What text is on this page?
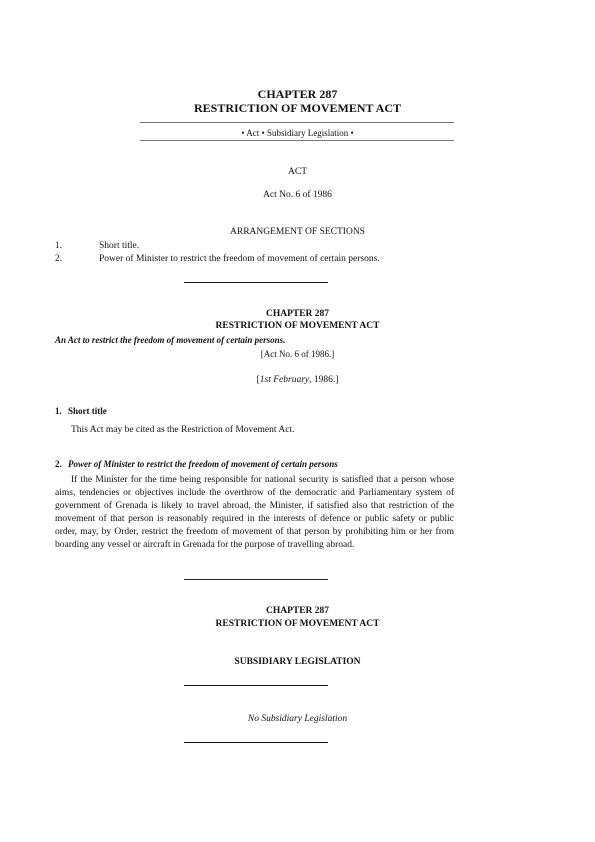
CHAPTER 287
RESTRICTION OF MOVEMENT ACT
• Act • Subsidiary Legislation •
ACT
Act No. 6 of 1986
ARRANGEMENT OF SECTIONS
1.	Short title.
2.	Power of Minister to restrict the freedom of movement of certain persons.
CHAPTER 287
RESTRICTION OF MOVEMENT ACT
An Act to restrict the freedom of movement of certain persons.
[Act No. 6 of 1986.]
[1st February, 1986.]
1. Short title
This Act may be cited as the Restriction of Movement Act.
2. Power of Minister to restrict the freedom of movement of certain persons
If the Minister for the time being responsible for national security is satisfied that a person whose aims, tendencies or objectives include the overthrow of the democratic and Parliamentary system of government of Grenada is likely to travel abroad, the Minister, if satisfied also that restriction of the movement of that person is reasonably required in the interests of defence or public safety or public order, may, by Order, restrict the freedom of movement of that person by prohibiting him or her from boarding any vessel or aircraft in Grenada for the purpose of travelling abroad.
CHAPTER 287
RESTRICTION OF MOVEMENT ACT
SUBSIDIARY LEGISLATION
No Subsidiary Legislation
